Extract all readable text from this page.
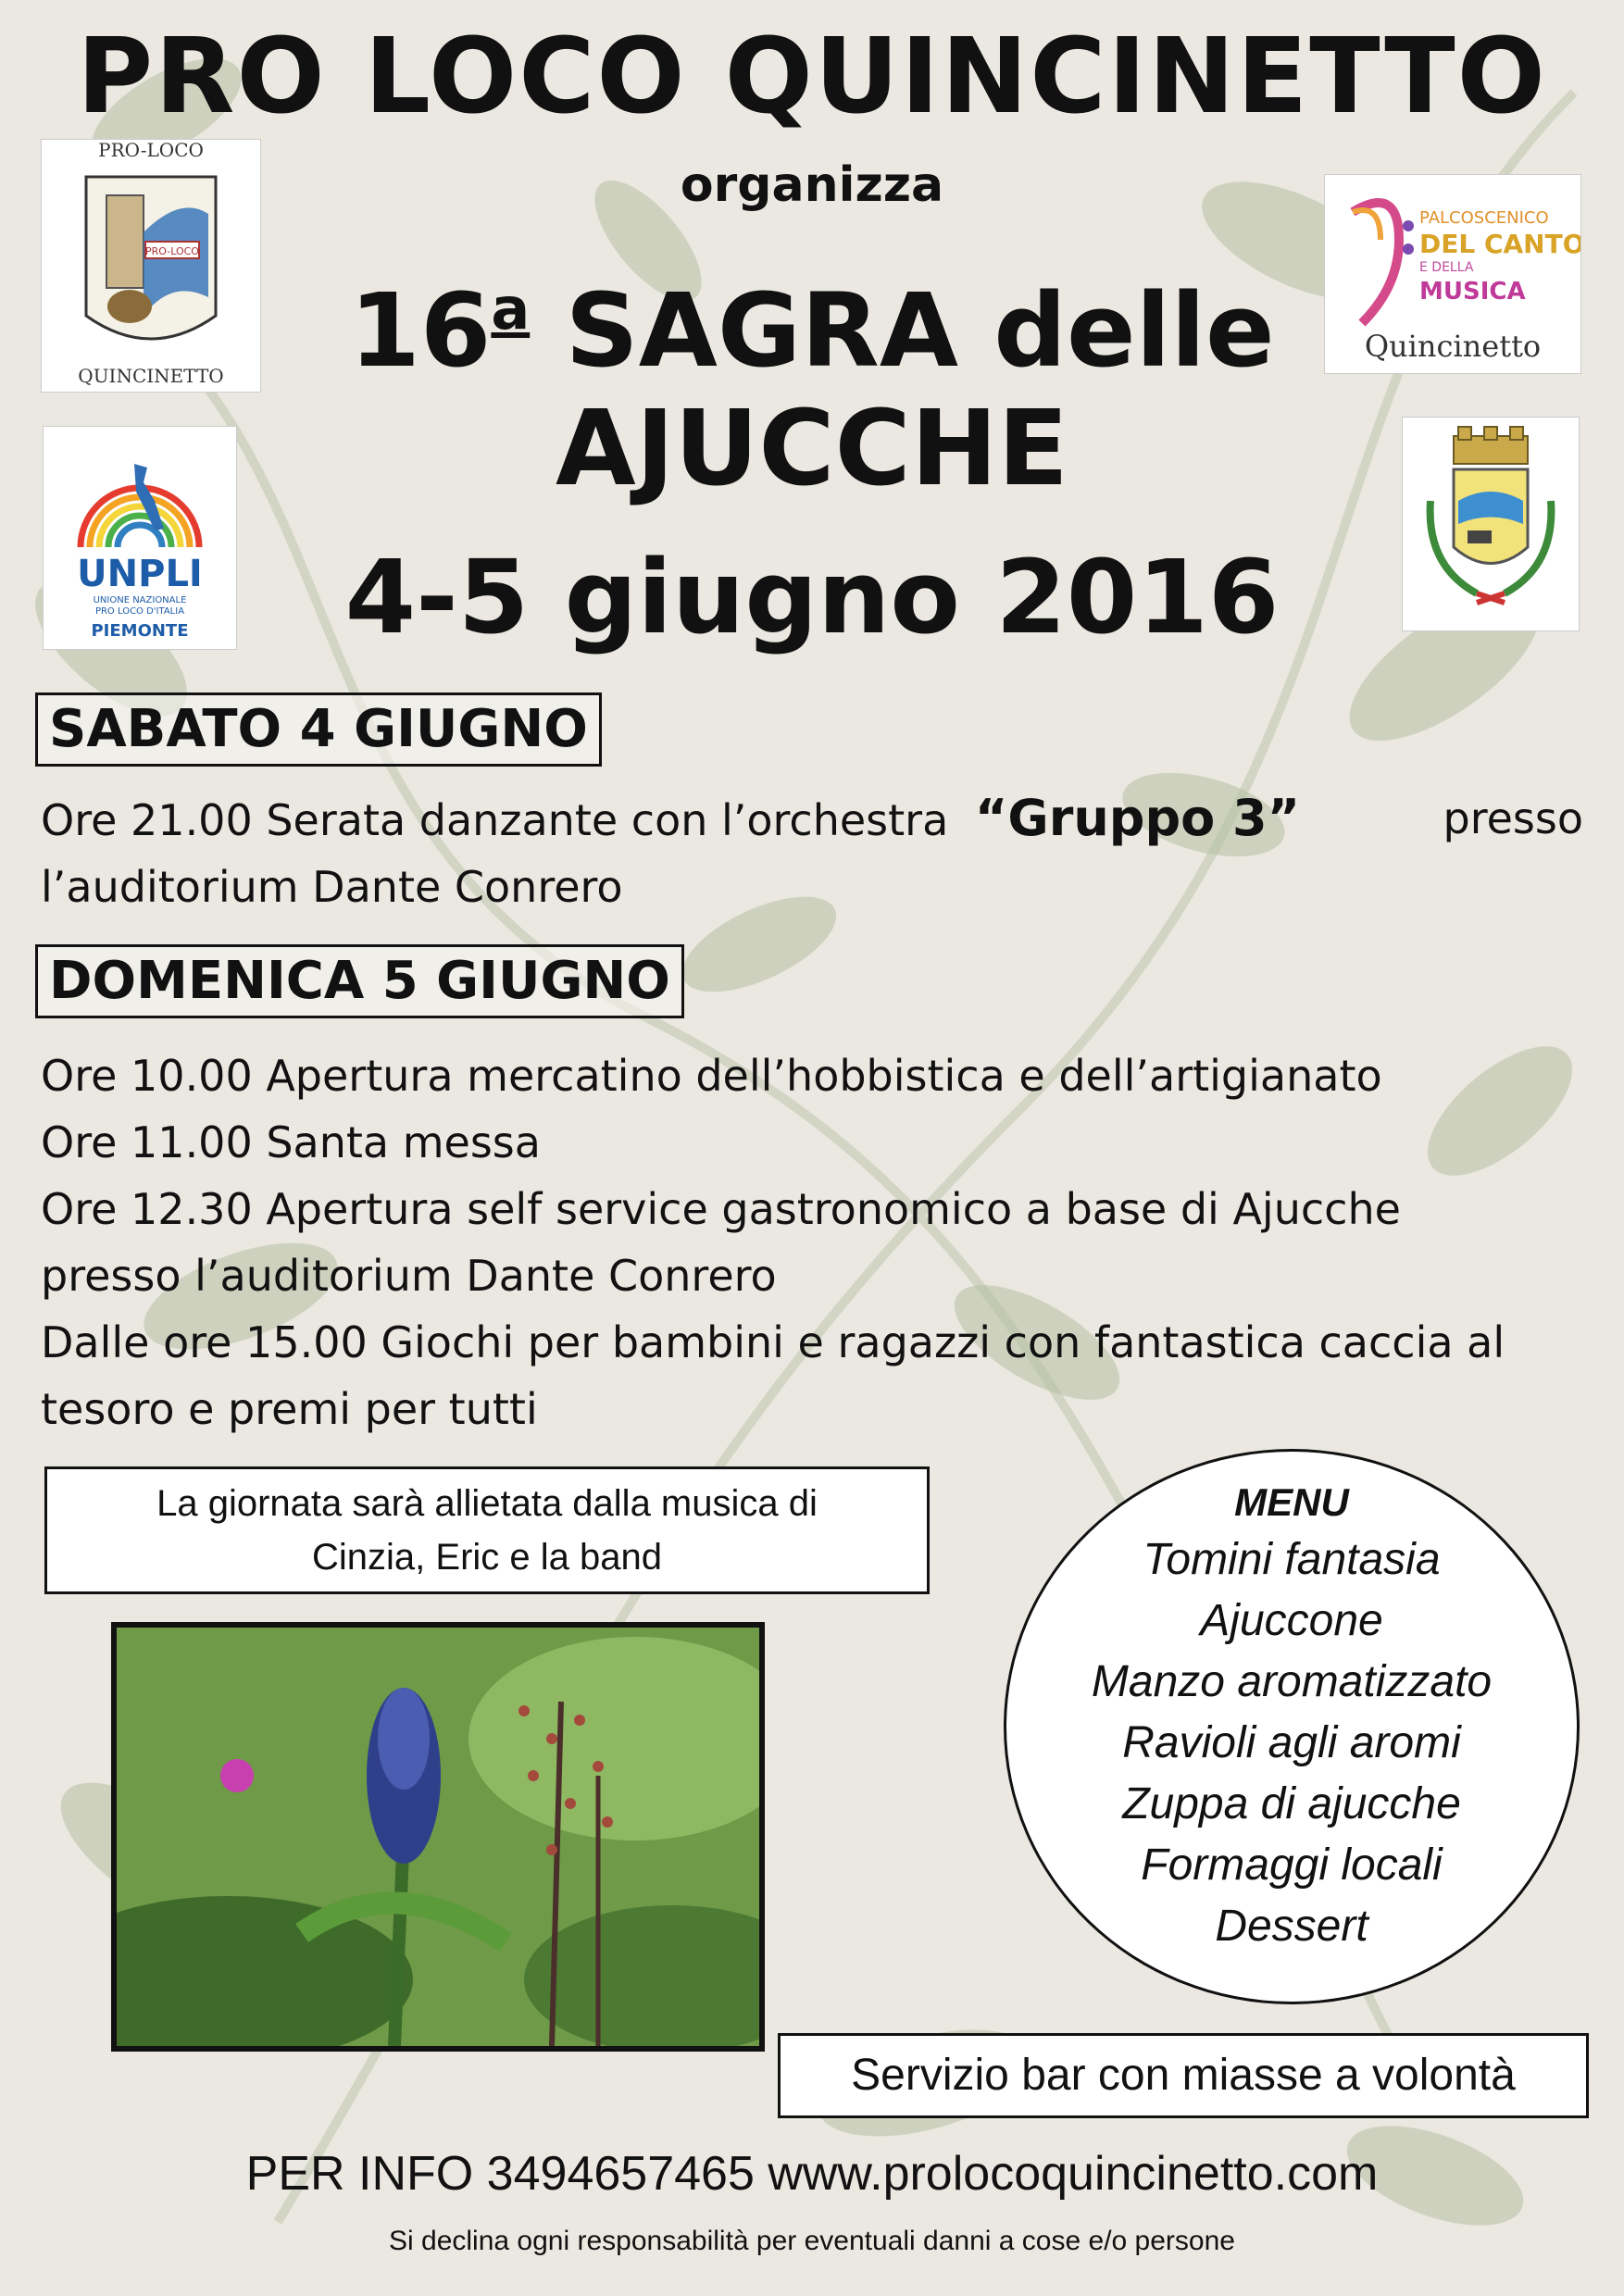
PRO LOCO QUINCINETTO
organizza
16$^a$ SAGRA delle
AJUCCHE
4-5 giugno 2016
PRO-LOCO
PRO-LOCO
QUINCINETTO
UNPLI
UNIONE NAZIONALE
PRO LOCO D'ITALIA
PIEMONTE
PALCOSCENICO
DEL CANTO
E DELLA
MUSICA
Quincinetto
SABATO 4 GIUGNO
Ore 21.00 Serata danzante con l’orchestra “Gruppo 3”	presso
l’auditorium Dante Conrero
DOMENICA 5 GIUGNO
Ore 10.00 Apertura mercatino dell’hobbistica e dell’artigianato
Ore 11.00 Santa messa
Ore 12.30 Apertura self service gastronomico a base di Ajucche
presso l’auditorium Dante Conrero
Dalle ore 15.00 Giochi per bambini e ragazzi con fantastica caccia al
tesoro e premi per tutti
La giornata sarà allietata dalla musica di
Cinzia, Eric e la band
MENU
Tomini fantasia
Ajuccone
Manzo aromatizzato
Ravioli agli aromi
Zuppa di ajucche
Formaggi locali
Dessert
Servizio bar con miasse a volontà
PER INFO 3494657465 www.prolocoquincinetto.com
Si declina ogni responsabilità per eventuali danni a cose e/o persone
